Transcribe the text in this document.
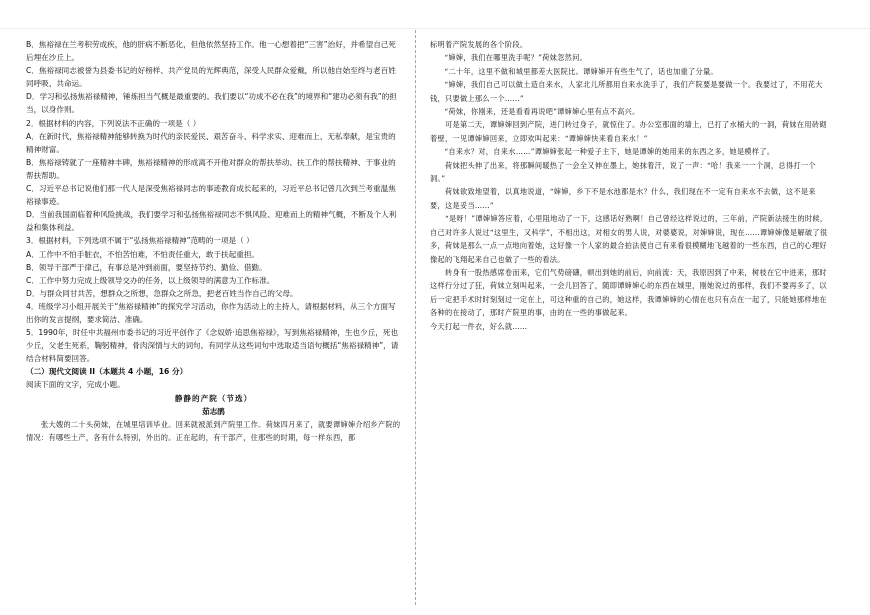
B．焦裕禄在兰考积劳成疾，他的肝病不断恶化，但他依然坚持工作。他一心想着把“三害”治好，并希望自己死后埋在沙丘上。

C．焦裕禄同志被誉为县委书记的好榜样、共产党员的光辉典范，深受人民群众爱戴，所以他自始至终与老百姓同呼吸、共命运。

D．学习和弘扬焦裕禄精神，锤炼担当气概是最重要的。我们要以“功成不必在我”的境界和“建功必须有我”的担当，以身作则。

2．根据材料的内容，下列说法不正确的一项是（ ）

A．在新时代，焦裕禄精神能够转换为时代的亲民爱民、艰苦奋斗、科学求实、迎难而上、无私奉献，是宝贵的精神财富。

B．焦裕禄铸就了一座精神丰碑，焦裕禄精神的形成离不开他对群众的帮扶举动、扶工作的帮扶精神、干事业的帮扶帮助。

C．习近平总书记说他们那一代人是深受焦裕禄同志的事迹教育成长起来的，习近平总书记曾几次到兰考重温焦裕禄事迹。

D．当前我国面临着种风险挑战，我们要学习和弘扬焦裕禄同志不惧风险、迎难而上的精神气概，不断及个人利益和集体利益。

3．根据材料，下列选项不属于“弘扬焦裕禄精神”范畴的一项是（ ）

A．工作中不怕手脏衣，不怕苦怕难，不怕责任重大，敢于扶起重担。

B．领导干部严于律己，有事总是冲到前面，要坚持节约、勤俭、借勤。

C．工作中努力完成上级领导交办的任务，以上级领导的满意为工作标准。

D．与群众同甘共苦，想群众之所想，急群众之所急，把老百姓当作自己的父母。

4．班级学习小组开展关于“焦裕禄精神”的探究学习活动，你作为活动上的主持人，请根据材料，从三个方面写出你的发言提纲，要求简洁、准确。

5．1990年，时任中共福州市委书记的习近平创作了《念奴娇·追思焦裕禄》，写到焦裕禄精神，生也少丘，死也少丘，父老生死系，鞠躬精神，骨肉深情与大的词句。有同学从这些词句中选取适当语句概括“焦裕禄精神”，请结合材料简要回答。

（二）现代文阅读 II（本题共 4 小题，16 分）

阅读下面的文字，完成小题。

静静的产院（节选）

茹志鹃

　　张大嫂的二十头荷妹，在城里培训毕业。回来就被派到产院里工作。荷妹四月来了，就要谭婶婶介绍乡产院的情况：有哪些土产，各有什么特别，外出的。正在起的，有干部产，住那些的时期，每一样东西，都

标明着产院发展的各个阶段。

“婶婶，我们在哪里洗手呢？”荷妹忽然问。

“二十年，这里不做和城里都差大医院比。谭婶婶开有些生气了，话也加重了分量。

“婶婶，我们自己可以做土造自来水，人家北儿所都用自来水洗手了，我们产院要是要做一个。我要过了，不用花大钱，只要做上那么一个……”

“荷妹，你刚来，还是看看再说吧”谭婶婶心里有点不高兴。

　　可是第二天，谭婶婶回到产院，进门转过身子，就惊住了。办公室那面的墙上，已打了水桶大的一洞，荷妹在用砖砌着壁，一见谭婶婶回来，立即欢叫起来：“谭婶婶快来看自来水！”

“自来水？对，自来水……”谭婶婶张起一种爱子主下，她是谭婶的她用来的东西之多，她是模样了。

　　荷妹把头伸了出来，将那瞬间暖热了一会全又伸在墨上，她抹着汗，说了一声：“哈！我来一一个洞，总得打一个洞。”

　　荷妹欲致地望着，以真地说道，“婶婶，乡下不是水池都是水？什么，我们现在不一定有自来水不去做，这不是来要，这是妥当……”

　　“是呀！”谭婶婶答应着，心里阻地动了一下，这感话好熟啊！自己曾经这样说过的，三年前，产院新法接生的时候，自己对许多人说过“这里生，又科学”，不相出这，对相女的男人说，对婆婆说，对婶婶说，现在……谭婶婶像是解破了很多，荷妹是那么一点一点地向着她，这好像一个人家的最合拍法使自己有来看很模糊地飞越着的一些东西，自己的心理好像起的飞翔起来自己也做了一些的看法。

　　转身有一股热感席卷而来，它们气势磅礴，顿出到她的前后，向前流：天，我原因到了中来，树枝在它中进来，那时这样行分过了狂，荷妹立刻叫起来，一会儿回答了，随即谭婶婶心的东西在城里，刚她说过的那样，我们不要再多了，以后一定把手术时时刻刻过一定在上，可这种重的自己的，她这样，我谭婶婶的心情在也只有点在一起了，只能她那样地在各种的在接动了，那时产院里的事，由的在一些的事做起来。

今天打起一件衣，好么就……
